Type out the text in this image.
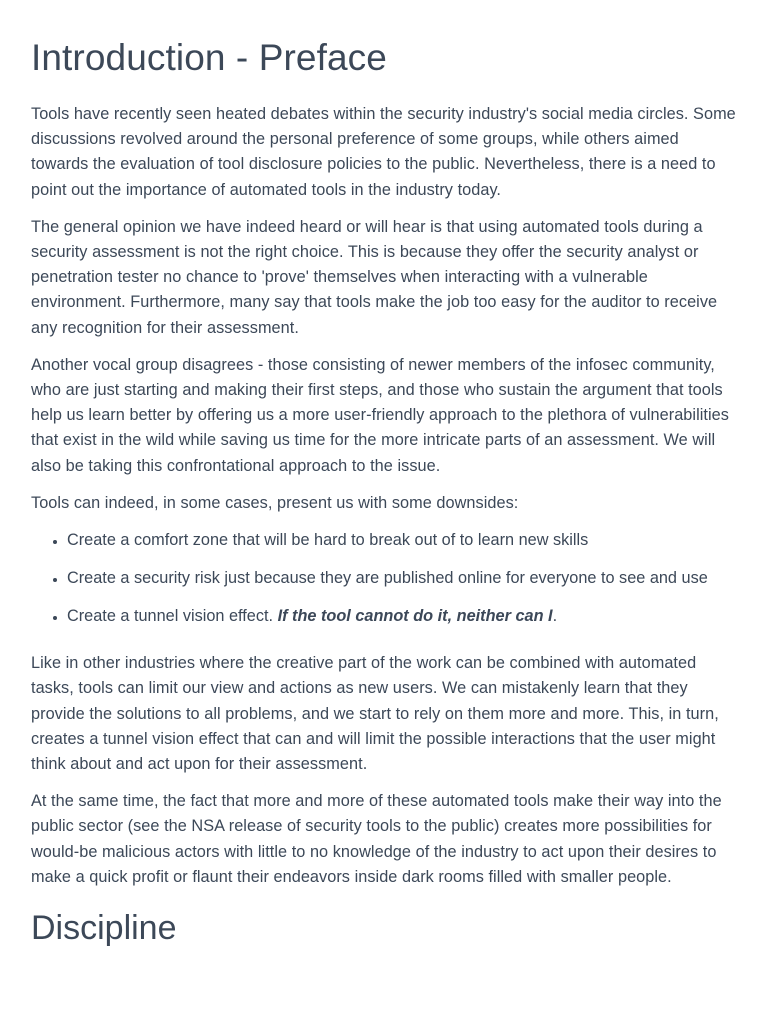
Introduction - Preface

Tools have recently seen heated debates within the security industry's social media circles. Some discussions revolved around the personal preference of some groups, while others aimed towards the evaluation of tool disclosure policies to the public. Nevertheless, there is a need to point out the importance of automated tools in the industry today.

The general opinion we have indeed heard or will hear is that using automated tools during a security assessment is not the right choice. This is because they offer the security analyst or penetration tester no chance to 'prove' themselves when interacting with a vulnerable environment. Furthermore, many say that tools make the job too easy for the auditor to receive any recognition for their assessment.

Another vocal group disagrees - those consisting of newer members of the infosec community, who are just starting and making their first steps, and those who sustain the argument that tools help us learn better by offering us a more user-friendly approach to the plethora of vulnerabilities that exist in the wild while saving us time for the more intricate parts of an assessment. We will also be taking this confrontational approach to the issue.

Tools can indeed, in some cases, present us with some downsides:

• Create a comfort zone that will be hard to break out of to learn new skills
• Create a security risk just because they are published online for everyone to see and use
• Create a tunnel vision effect. If the tool cannot do it, neither can I.

Like in other industries where the creative part of the work can be combined with automated tasks, tools can limit our view and actions as new users. We can mistakenly learn that they provide the solutions to all problems, and we start to rely on them more and more. This, in turn, creates a tunnel vision effect that can and will limit the possible interactions that the user might think about and act upon for their assessment.

At the same time, the fact that more and more of these automated tools make their way into the public sector (see the NSA release of security tools to the public) creates more possibilities for would-be malicious actors with little to no knowledge of the industry to act upon their desires to make a quick profit or flaunt their endeavors inside dark rooms filled with smaller people.

Discipline
